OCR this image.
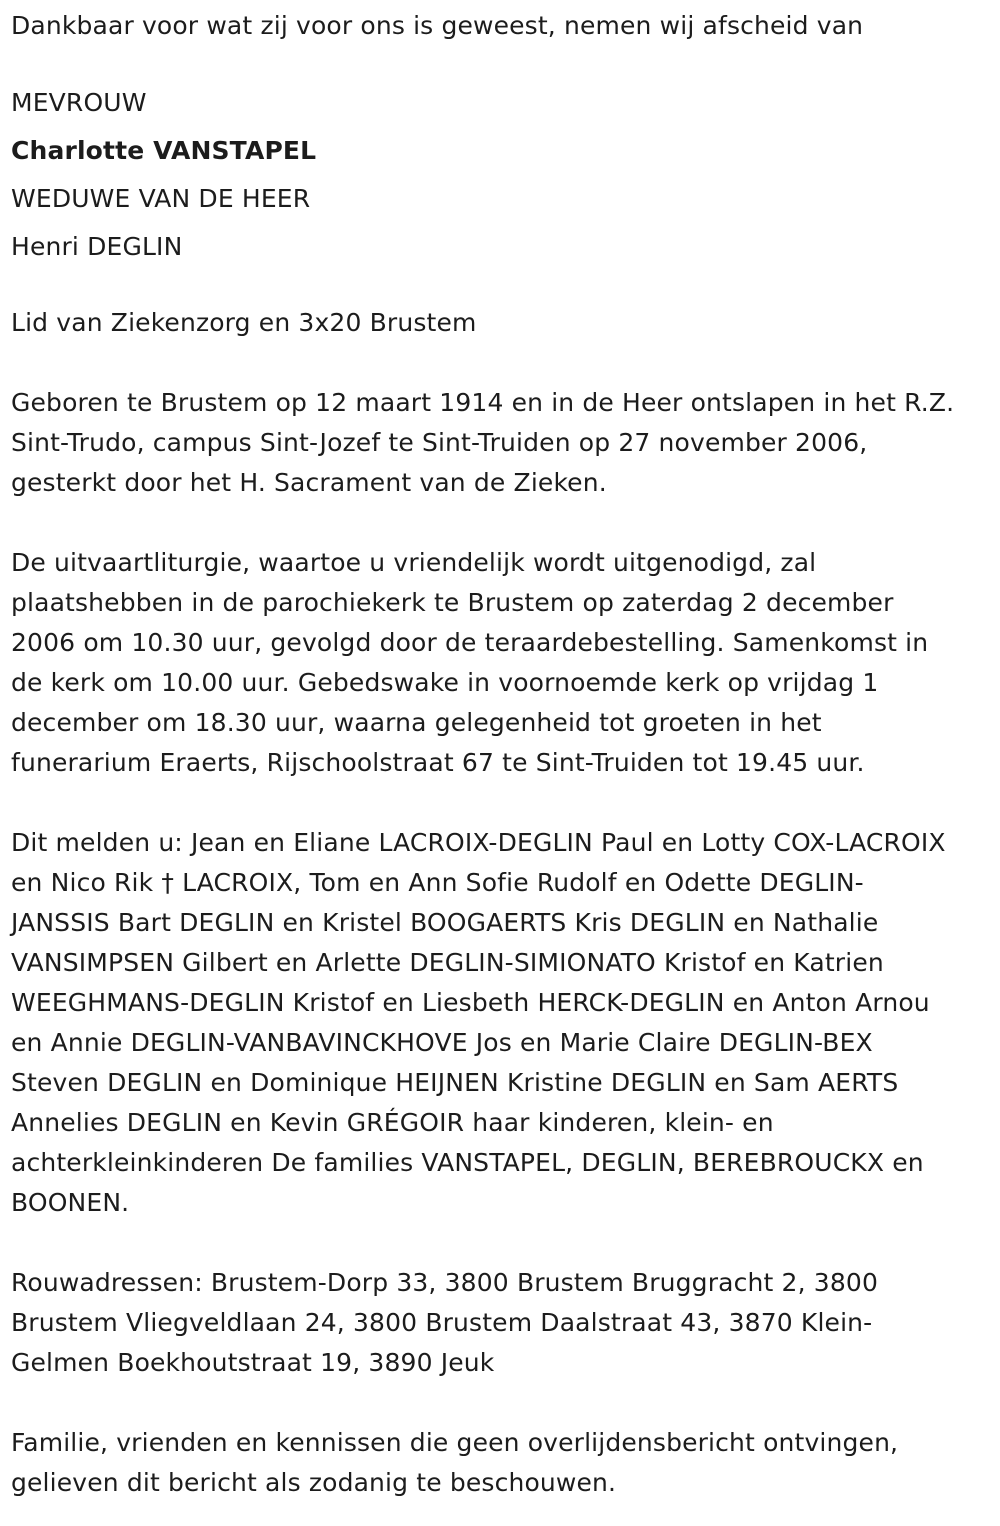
Dankbaar voor wat zij voor ons is geweest, nemen wij afscheid van
MEVROUW
Charlotte VANSTAPEL
WEDUWE VAN DE HEER
Henri DEGLIN
Lid van Ziekenzorg en 3x20 Brustem
Geboren te Brustem op 12 maart 1914 en in de Heer ontslapen in het R.Z.
Sint-Trudo, campus Sint-Jozef te Sint-Truiden op 27 november 2006,
gesterkt door het H. Sacrament van de Zieken.
De uitvaartliturgie, waartoe u vriendelijk wordt uitgenodigd, zal
plaatshebben in de parochiekerk te Brustem op zaterdag 2 december
2006 om 10.30 uur, gevolgd door de teraardebestelling. Samenkomst in
de kerk om 10.00 uur. Gebedswake in voornoemde kerk op vrijdag 1
december om 18.30 uur, waarna gelegenheid tot groeten in het
funerarium Eraerts, Rijschoolstraat 67 te Sint-Truiden tot 19.45 uur.
Dit melden u: Jean en Eliane LACROIX-DEGLIN Paul en Lotty COX-LACROIX
en Nico Rik † LACROIX, Tom en Ann Sofie Rudolf en Odette DEGLIN-
JANSSIS Bart DEGLIN en Kristel BOOGAERTS Kris DEGLIN en Nathalie
VANSIMPSEN Gilbert en Arlette DEGLIN-SIMIONATO Kristof en Katrien
WEEGHMANS-DEGLIN Kristof en Liesbeth HERCK-DEGLIN en Anton Arnou
en Annie DEGLIN-VANBAVINCKHOVE Jos en Marie Claire DEGLIN-BEX
Steven DEGLIN en Dominique HEIJNEN Kristine DEGLIN en Sam AERTS
Annelies DEGLIN en Kevin GRÉGOIR haar kinderen, klein- en
achterkleinkinderen De families VANSTAPEL, DEGLIN, BEREBROUCKX en
BOONEN.
Rouwadressen: Brustem-Dorp 33, 3800 Brustem Bruggracht 2, 3800
Brustem Vliegveldlaan 24, 3800 Brustem Daalstraat 43, 3870 Klein-
Gelmen Boekhoutstraat 19, 3890 Jeuk
Familie, vrienden en kennissen die geen overlijdensbericht ontvingen,
gelieven dit bericht als zodanig te beschouwen.
